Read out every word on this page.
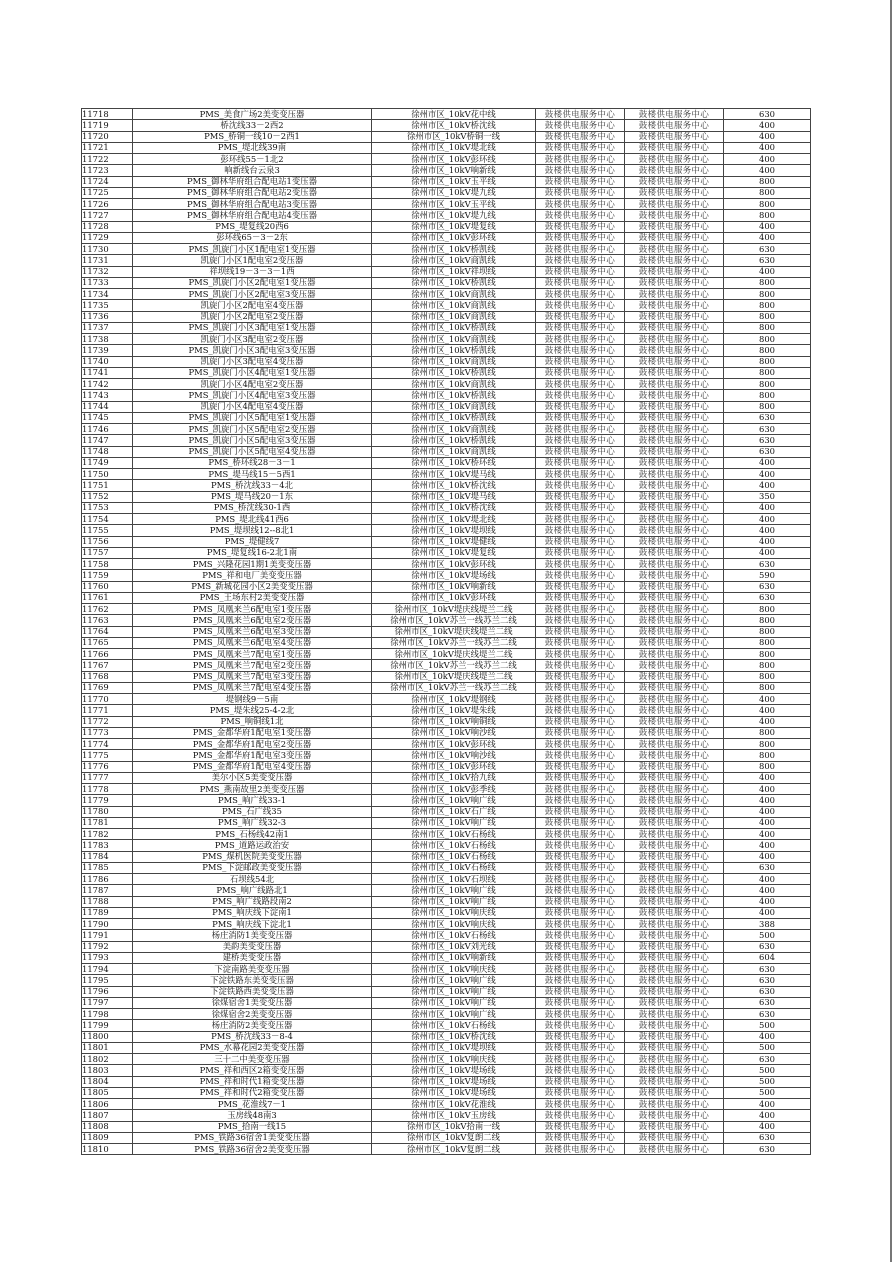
11718	PMS_美食广场2美变变压器	徐州市区_10kV花中线	鼓楼供电服务中心	鼓楼供电服务中心	630
11719	桥沈线33－2西2	徐州市区_10kV桥沈线	鼓楼供电服务中心	鼓楼供电服务中心	400
11720	PMS_桥铜一线10－2西1	徐州市区_10kV桥铜一线	鼓楼供电服务中心	鼓楼供电服务中心	400
11721	PMS_堤北线39南	徐州市区_10kV堤北线	鼓楼供电服务中心	鼓楼供电服务中心	400
11722	彭环线55－1北2	徐州市区_10kV彭环线	鼓楼供电服务中心	鼓楼供电服务中心	400
11723	响新线台云泉3	徐州市区_10kV响新线	鼓楼供电服务中心	鼓楼供电服务中心	400
11724	PMS_御林华府组合配电站1变压器	徐州市区_10kV玉平线	鼓楼供电服务中心	鼓楼供电服务中心	800
11725	PMS_御林华府组合配电站2变压器	徐州市区_10kV堤九线	鼓楼供电服务中心	鼓楼供电服务中心	800
11726	PMS_御林华府组合配电站3变压器	徐州市区_10kV玉平线	鼓楼供电服务中心	鼓楼供电服务中心	800
11727	PMS_御林华府组合配电站4变压器	徐州市区_10kV堤九线	鼓楼供电服务中心	鼓楼供电服务中心	800
11728	PMS_堤复线20西6	徐州市区_10kV堤复线	鼓楼供电服务中心	鼓楼供电服务中心	400
11729	彭环线65－3－2东	徐州市区_10kV彭环线	鼓楼供电服务中心	鼓楼供电服务中心	400
11730	PMS_凯旋门小区1配电室1变压器	徐州市区_10kV桥凯线	鼓楼供电服务中心	鼓楼供电服务中心	630
11731	凯旋门小区1配电室2变压器	徐州市区_10kV商凯线	鼓楼供电服务中心	鼓楼供电服务中心	630
11732	祥坝线19－3－3－1西	徐州市区_10kV祥坝线	鼓楼供电服务中心	鼓楼供电服务中心	400
11733	PMS_凯旋门小区2配电室1变压器	徐州市区_10kV桥凯线	鼓楼供电服务中心	鼓楼供电服务中心	800
11734	PMS_凯旋门小区2配电室3变压器	徐州市区_10kV商凯线	鼓楼供电服务中心	鼓楼供电服务中心	800
11735	凯旋门小区2配电室4变压器	徐州市区_10kV商凯线	鼓楼供电服务中心	鼓楼供电服务中心	800
11736	凯旋门小区2配电室2变压器	徐州市区_10kV商凯线	鼓楼供电服务中心	鼓楼供电服务中心	800
11737	PMS_凯旋门小区3配电室1变压器	徐州市区_10kV桥凯线	鼓楼供电服务中心	鼓楼供电服务中心	800
11738	凯旋门小区3配电室2变压器	徐州市区_10kV商凯线	鼓楼供电服务中心	鼓楼供电服务中心	800
11739	PMS_凯旋门小区3配电室3变压器	徐州市区_10kV桥凯线	鼓楼供电服务中心	鼓楼供电服务中心	800
11740	凯旋门小区3配电室4变压器	徐州市区_10kV商凯线	鼓楼供电服务中心	鼓楼供电服务中心	800
11741	PMS_凯旋门小区4配电室1变压器	徐州市区_10kV桥凯线	鼓楼供电服务中心	鼓楼供电服务中心	800
11742	凯旋门小区4配电室2变压器	徐州市区_10kV商凯线	鼓楼供电服务中心	鼓楼供电服务中心	800
11743	PMS_凯旋门小区4配电室3变压器	徐州市区_10kV桥凯线	鼓楼供电服务中心	鼓楼供电服务中心	800
11744	凯旋门小区4配电室4变压器	徐州市区_10kV商凯线	鼓楼供电服务中心	鼓楼供电服务中心	800
11745	PMS_凯旋门小区5配电室1变压器	徐州市区_10kV桥凯线	鼓楼供电服务中心	鼓楼供电服务中心	630
11746	PMS_凯旋门小区5配电室2变压器	徐州市区_10kV商凯线	鼓楼供电服务中心	鼓楼供电服务中心	630
11747	PMS_凯旋门小区5配电室3变压器	徐州市区_10kV桥凯线	鼓楼供电服务中心	鼓楼供电服务中心	630
11748	PMS_凯旋门小区5配电室4变压器	徐州市区_10kV商凯线	鼓楼供电服务中心	鼓楼供电服务中心	630
11749	PMS_桥环线28－3－1	徐州市区_10kV桥环线	鼓楼供电服务中心	鼓楼供电服务中心	400
11750	PMS_堤马线15－5西1	徐州市区_10kV堤马线	鼓楼供电服务中心	鼓楼供电服务中心	400
11751	PMS_桥沈线33－4北	徐州市区_10kV桥沈线	鼓楼供电服务中心	鼓楼供电服务中心	400
11752	PMS_堤马线20－1东	徐州市区_10kV堤马线	鼓楼供电服务中心	鼓楼供电服务中心	350
11753	PMS_桥沈线30-1西	徐州市区_10kV桥沈线	鼓楼供电服务中心	鼓楼供电服务中心	400
11754	PMS_堤北线41西6	徐州市区_10kV堤北线	鼓楼供电服务中心	鼓楼供电服务中心	400
11755	PMS_堤坝线12--8北1	徐州市区_10kV堤坝线	鼓楼供电服务中心	鼓楼供电服务中心	400
11756	PMS_堤健线7	徐州市区_10kV堤健线	鼓楼供电服务中心	鼓楼供电服务中心	400
11757	PMS_堤复线16-2北1南	徐州市区_10kV堤复线	鼓楼供电服务中心	鼓楼供电服务中心	400
11758	PMS_兴隆花园1期1美变变压器	徐州市区_10kV彭环线	鼓楼供电服务中心	鼓楼供电服务中心	630
11759	PMS_祥和电厂美变变压器	徐州市区_10kV堤场线	鼓楼供电服务中心	鼓楼供电服务中心	590
11760	PMS_新城花园小区2美变变压器	徐州市区_10kV响新线	鼓楼供电服务中心	鼓楼供电服务中心	630
11761	PMS_王场东村2美变变压器	徐州市区_10kV彭环线	鼓楼供电服务中心	鼓楼供电服务中心	630
11762	PMS_凤凰来兰6配电室1变压器	徐州市区_10kV堤庆线堤兰二线	鼓楼供电服务中心	鼓楼供电服务中心	800
11763	PMS_凤凰来兰6配电室2变压器	徐州市区_10kV苏兰一线苏兰二线	鼓楼供电服务中心	鼓楼供电服务中心	800
11764	PMS_凤凰来兰6配电室3变压器	徐州市区_10kV堤庆线堤兰二线	鼓楼供电服务中心	鼓楼供电服务中心	800
11765	PMS_凤凰来兰6配电室4变压器	徐州市区_10kV苏兰一线苏兰二线	鼓楼供电服务中心	鼓楼供电服务中心	800
11766	PMS_凤凰来兰7配电室1变压器	徐州市区_10kV堤庆线堤兰二线	鼓楼供电服务中心	鼓楼供电服务中心	800
11767	PMS_凤凰来兰7配电室2变压器	徐州市区_10kV苏兰一线苏兰二线	鼓楼供电服务中心	鼓楼供电服务中心	800
11768	PMS_凤凰来兰7配电室3变压器	徐州市区_10kV堤庆线堤兰二线	鼓楼供电服务中心	鼓楼供电服务中心	800
11769	PMS_凤凰来兰7配电室4变压器	徐州市区_10kV苏兰一线苏兰二线	鼓楼供电服务中心	鼓楼供电服务中心	800
11770	堤钢线9－5南	徐州市区_10kV堤钢线	鼓楼供电服务中心	鼓楼供电服务中心	400
11771	PMS_堤朱线25-4-2北	徐州市区_10kV堤朱线	鼓楼供电服务中心	鼓楼供电服务中心	400
11772	PMS_响铜线1北	徐州市区_10kV响铜线	鼓楼供电服务中心	鼓楼供电服务中心	400
11773	PMS_金都华府1配电室1变压器	徐州市区_10kV响沙线	鼓楼供电服务中心	鼓楼供电服务中心	800
11774	PMS_金都华府1配电室2变压器	徐州市区_10kV彭环线	鼓楼供电服务中心	鼓楼供电服务中心	800
11775	PMS_金都华府1配电室3变压器	徐州市区_10kV响沙线	鼓楼供电服务中心	鼓楼供电服务中心	800
11776	PMS_金都华府1配电室4变压器	徐州市区_10kV彭环线	鼓楼供电服务中心	鼓楼供电服务中心	800
11777	美尔小区5美变变压器	徐州市区_10kV拾九线	鼓楼供电服务中心	鼓楼供电服务中心	400
11778	PMS_燕南故里2美变变压器	徐州市区_10kV彭季线	鼓楼供电服务中心	鼓楼供电服务中心	400
11779	PMS_响广线33-1	徐州市区_10kV响广线	鼓楼供电服务中心	鼓楼供电服务中心	400
11780	PMS_石广线35	徐州市区_10kV石广线	鼓楼供电服务中心	鼓楼供电服务中心	400
11781	PMS_响广线32-3	徐州市区_10kV响广线	鼓楼供电服务中心	鼓楼供电服务中心	400
11782	PMS_石杨线42南1	徐州市区_10kV石杨线	鼓楼供电服务中心	鼓楼供电服务中心	400
11783	PMS_道路运政治安	徐州市区_10kV石杨线	鼓楼供电服务中心	鼓楼供电服务中心	400
11784	PMS_煤机医院美变变压器	徐州市区_10kV石杨线	鼓楼供电服务中心	鼓楼供电服务中心	400
11785	PMS_下淀邮政美变变压器	徐州市区_10kV石杨线	鼓楼供电服务中心	鼓楼供电服务中心	630
11786	石坝线54北	徐州市区_10kV石坝线	鼓楼供电服务中心	鼓楼供电服务中心	400
11787	PMS_响广线路北1	徐州市区_10kV响广线	鼓楼供电服务中心	鼓楼供电服务中心	400
11788	PMS_响广线路段南2	徐州市区_10kV响广线	鼓楼供电服务中心	鼓楼供电服务中心	400
11789	PMS_响庆线下淀南1	徐州市区_10kV响庆线	鼓楼供电服务中心	鼓楼供电服务中心	400
11790	PMS_响庆线下淀北1	徐州市区_10kV响庆线	鼓楼供电服务中心	鼓楼供电服务中心	388
11791	杨庄消防1美变变压器	徐州市区_10kV石杨线	鼓楼供电服务中心	鼓楼供电服务中心	500
11792	美韵美变变压器	徐州市区_10kV刘光线	鼓楼供电服务中心	鼓楼供电服务中心	630
11793	建桥美变变压器	徐州市区_10kV响新线	鼓楼供电服务中心	鼓楼供电服务中心	604
11794	下淀南路美变变压器	徐州市区_10kV响庆线	鼓楼供电服务中心	鼓楼供电服务中心	630
11795	下淀铁路东美变变压器	徐州市区_10kV响广线	鼓楼供电服务中心	鼓楼供电服务中心	630
11796	下淀铁路西美变变压器	徐州市区_10kV响广线	鼓楼供电服务中心	鼓楼供电服务中心	630
11797	徐煤宿舍1美变变压器	徐州市区_10kV响广线	鼓楼供电服务中心	鼓楼供电服务中心	630
11798	徐煤宿舍2美变变压器	徐州市区_10kV响广线	鼓楼供电服务中心	鼓楼供电服务中心	630
11799	杨庄消防2美变变压器	徐州市区_10kV石杨线	鼓楼供电服务中心	鼓楼供电服务中心	500
11800	PMS_桥沈线33－8-4	徐州市区_10kV桥沈线	鼓楼供电服务中心	鼓楼供电服务中心	400
11801	PMS_水幕花园2美变变压器	徐州市区_10kV堤坝线	鼓楼供电服务中心	鼓楼供电服务中心	500
11802	三十二中美变变压器	徐州市区_10kV响庆线	鼓楼供电服务中心	鼓楼供电服务中心	630
11803	PMS_祥和西区2箱变变压器	徐州市区_10kV堤场线	鼓楼供电服务中心	鼓楼供电服务中心	500
11804	PMS_祥和时代1箱变变压器	徐州市区_10kV堤场线	鼓楼供电服务中心	鼓楼供电服务中心	500
11805	PMS_祥和时代2箱变变压器	徐州市区_10kV堤场线	鼓楼供电服务中心	鼓楼供电服务中心	500
11806	PMS_花淮线7－1	徐州市区_10kV花淮线	鼓楼供电服务中心	鼓楼供电服务中心	400
11807	玉房线48南3	徐州市区_10kV玉房线	鼓楼供电服务中心	鼓楼供电服务中心	400
11808	PMS_拾南一线15	徐州市区_10kV拾南一线	鼓楼供电服务中心	鼓楼供电服务中心	400
11809	PMS_铁路36宿舍1美变变压器	徐州市区_10kV复朗二线	鼓楼供电服务中心	鼓楼供电服务中心	630
11810	PMS_铁路36宿舍2美变变压器	徐州市区_10kV复朗二线	鼓楼供电服务中心	鼓楼供电服务中心	630
